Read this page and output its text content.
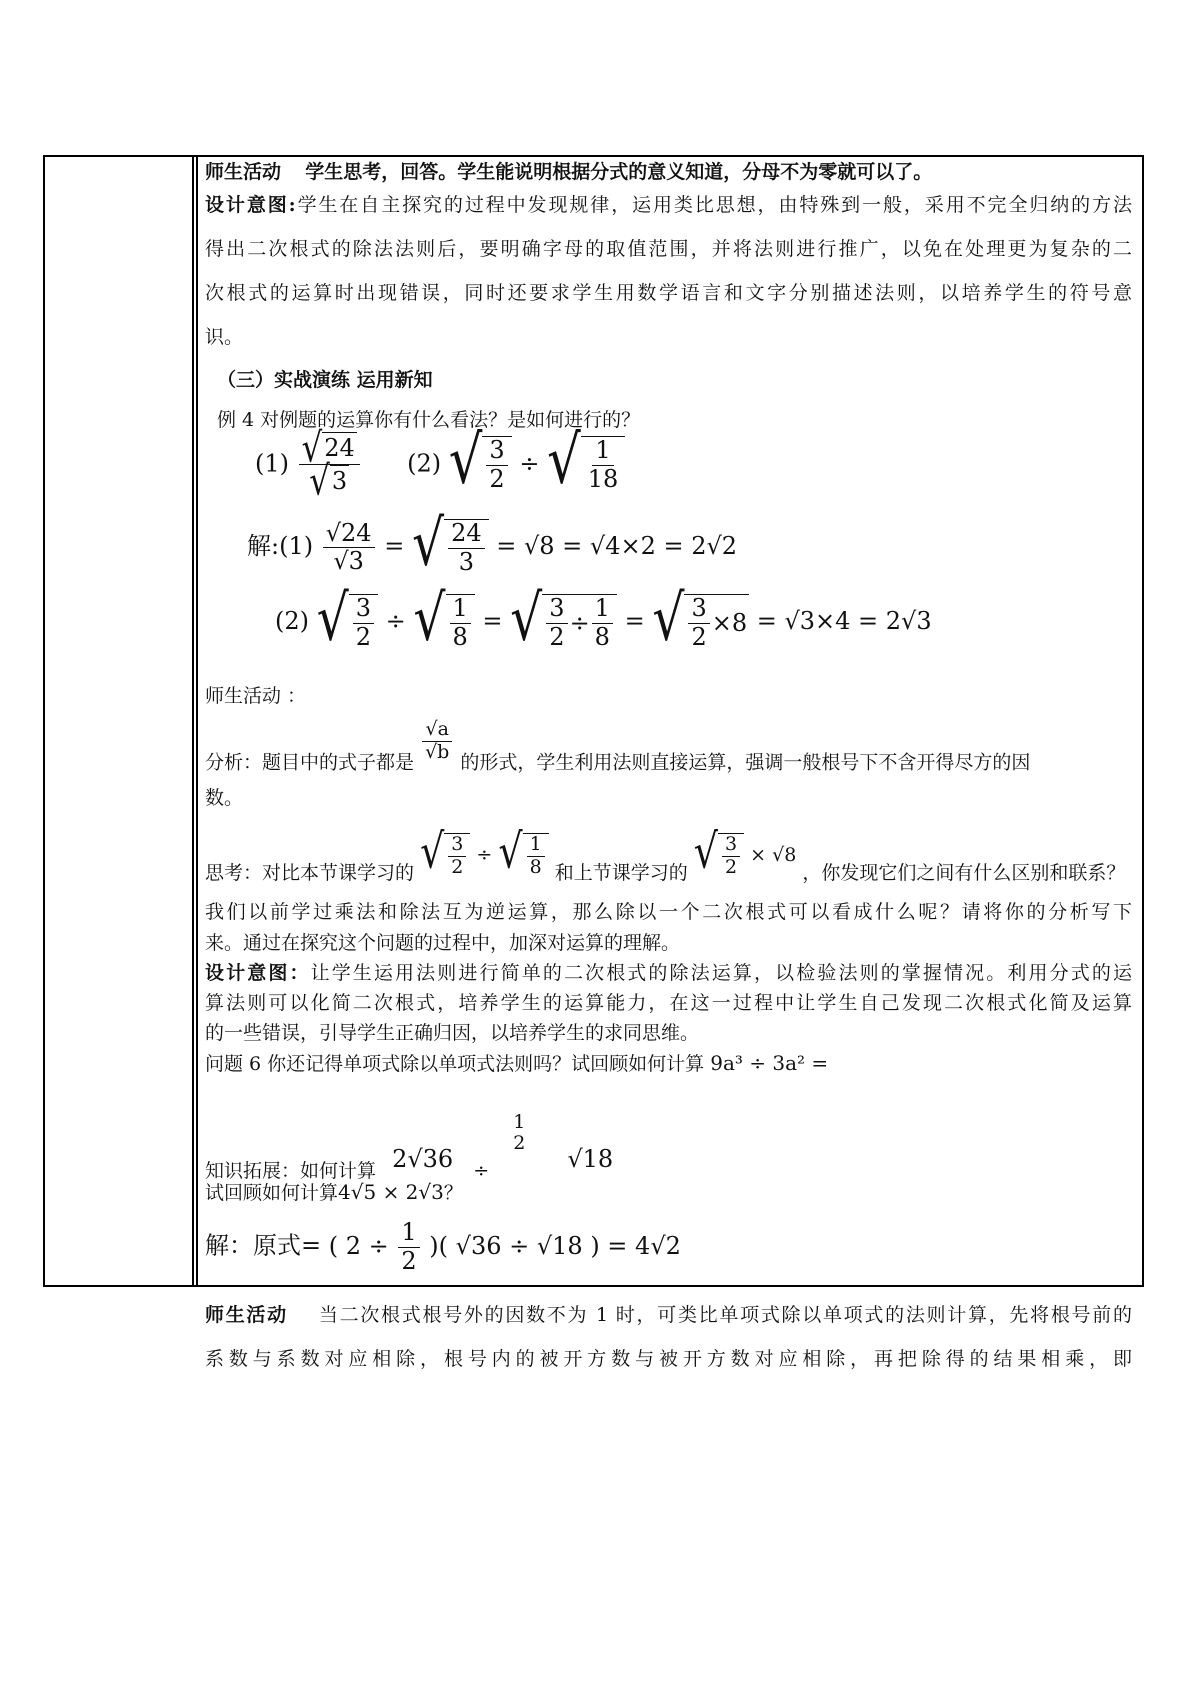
师生活动 学生思考，回答。学生能说明根据分式的意义知道，分母不为零就可以了。
设计意图:学生在自主探究的过程中发现规律，运用类比思想，由特殊到一般，采用不完全归纳的方法
得出二次根式的除法法则后，要明确字母的取值范围，并将法则进行推广，以免在处理更为复杂的二
次根式的运算时出现错误，同时还要求学生用数学语言和文字分别描述法则，以培养学生的符号意
识。
（三）实战演练 运用新知
例 4 对例题的运算你有什么看法？是如何进行的？
$(1) \frac{√ 24}{√ 3} (2)$ √ $\frac{3}{2}$ ÷ √ $\frac{1}{18}$
解:(1) $\frac{√24}{√3}$ = √ $\frac{24}{3} = √8 = √4\times 2 = 2√2$
(2) √ $\frac{3}{2}$ ÷ √ $\frac{1}{8}$ = √ $\frac{3}{2} \div \frac{1}{8}$ = √ $\frac{3}{2} \times 8 = √3\times 4 = 2√3$
师生活动 ：
分析：题目中的式子都是 $\frac{√a}{√b}$ 的形式，学生利用法则直接运算，强调一般根号下不含开得尽方的因
数。
思考：对比本节课学习的 √ $\frac{3}{2}$ ÷ √ $\frac{1}{8}$ 和上节课学习的 √ $\frac{3}{2} \times √8$ ，你发现它们之间有什么区别和联系？
我们以前学过乘法和除法互为逆运算，那么除以一个二次根式可以看成什么呢？请将你的分析写下
来。通过在探究这个问题的过程中，加深对运算的理解。
设计意图：让学生运用法则进行简单的二次根式的除法运算，以检验法则的掌握情况。利用分式的运
算法则可以化简二次根式，培养学生的运算能力，在这一过程中让学生自己发现二次根式化简及运算
的一些错误，引导学生正确归因，以培养学生的求同思维。
问题 6 你还记得单项式除以单项式法则吗？试回顾如何计算 9a³ ÷ 3a² =
知识拓展：如何计算 2√36 ÷ 1
2 √18
试回顾如何计算4√5 × 2√3？
解：原式= ( $2 \div \frac{1}{2}$ )( √36 ÷ √18 ) = 4√2
师生活动 当二次根式根号外的因数不为 1 时，可类比单项式除以单项式的法则计算，先将根号前的
系数与系数对应相除，根号内的被开方数与被开方数对应相除，再把除得的结果相乘，即
